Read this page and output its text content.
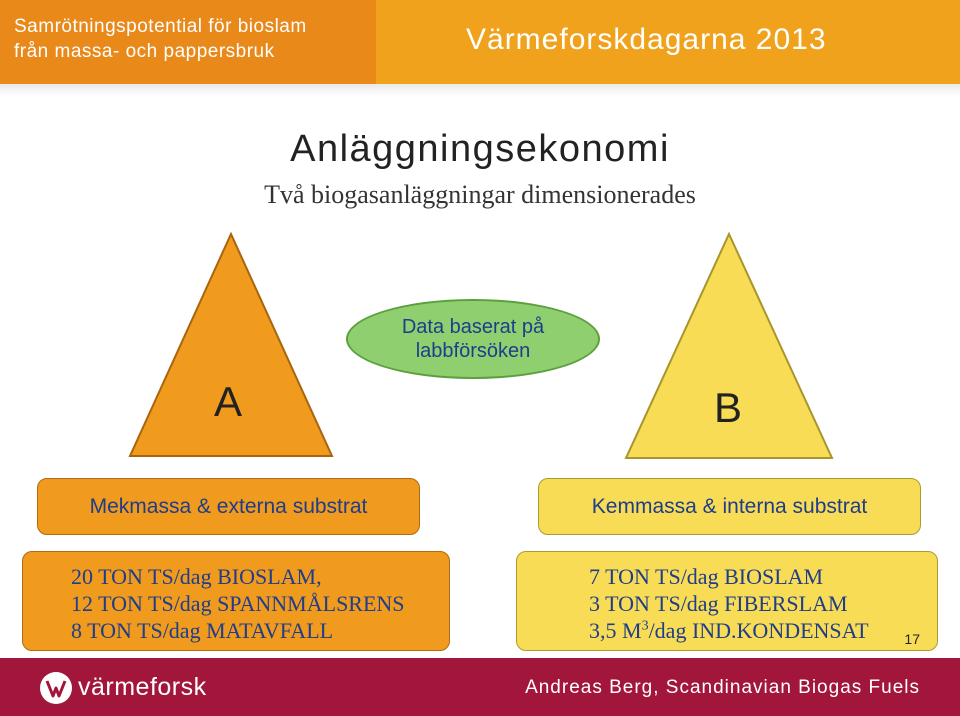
Samrötningspotential för bioslam
från massa- och pappersbruk	Värmeforskdagarna 2013
Anläggningsekonomi
Två biogasanläggningar dimensionerades
A	B
Data baserat på
labbförsöken
Mekmassa & externa substrat	Kemmassa & interna substrat
20 TON TS/dag BIOSLAM,
12 TON TS/dag SPANNMÅLSRENS
8 TON TS/dag MATAVFALL
7 TON TS/dag BIOSLAM
3 TON TS/dag FIBERSLAM
3,5 $M^3$/dag IND.KONDENSAT	17
värmeforsk	Andreas Berg, Scandinavian Biogas Fuels
